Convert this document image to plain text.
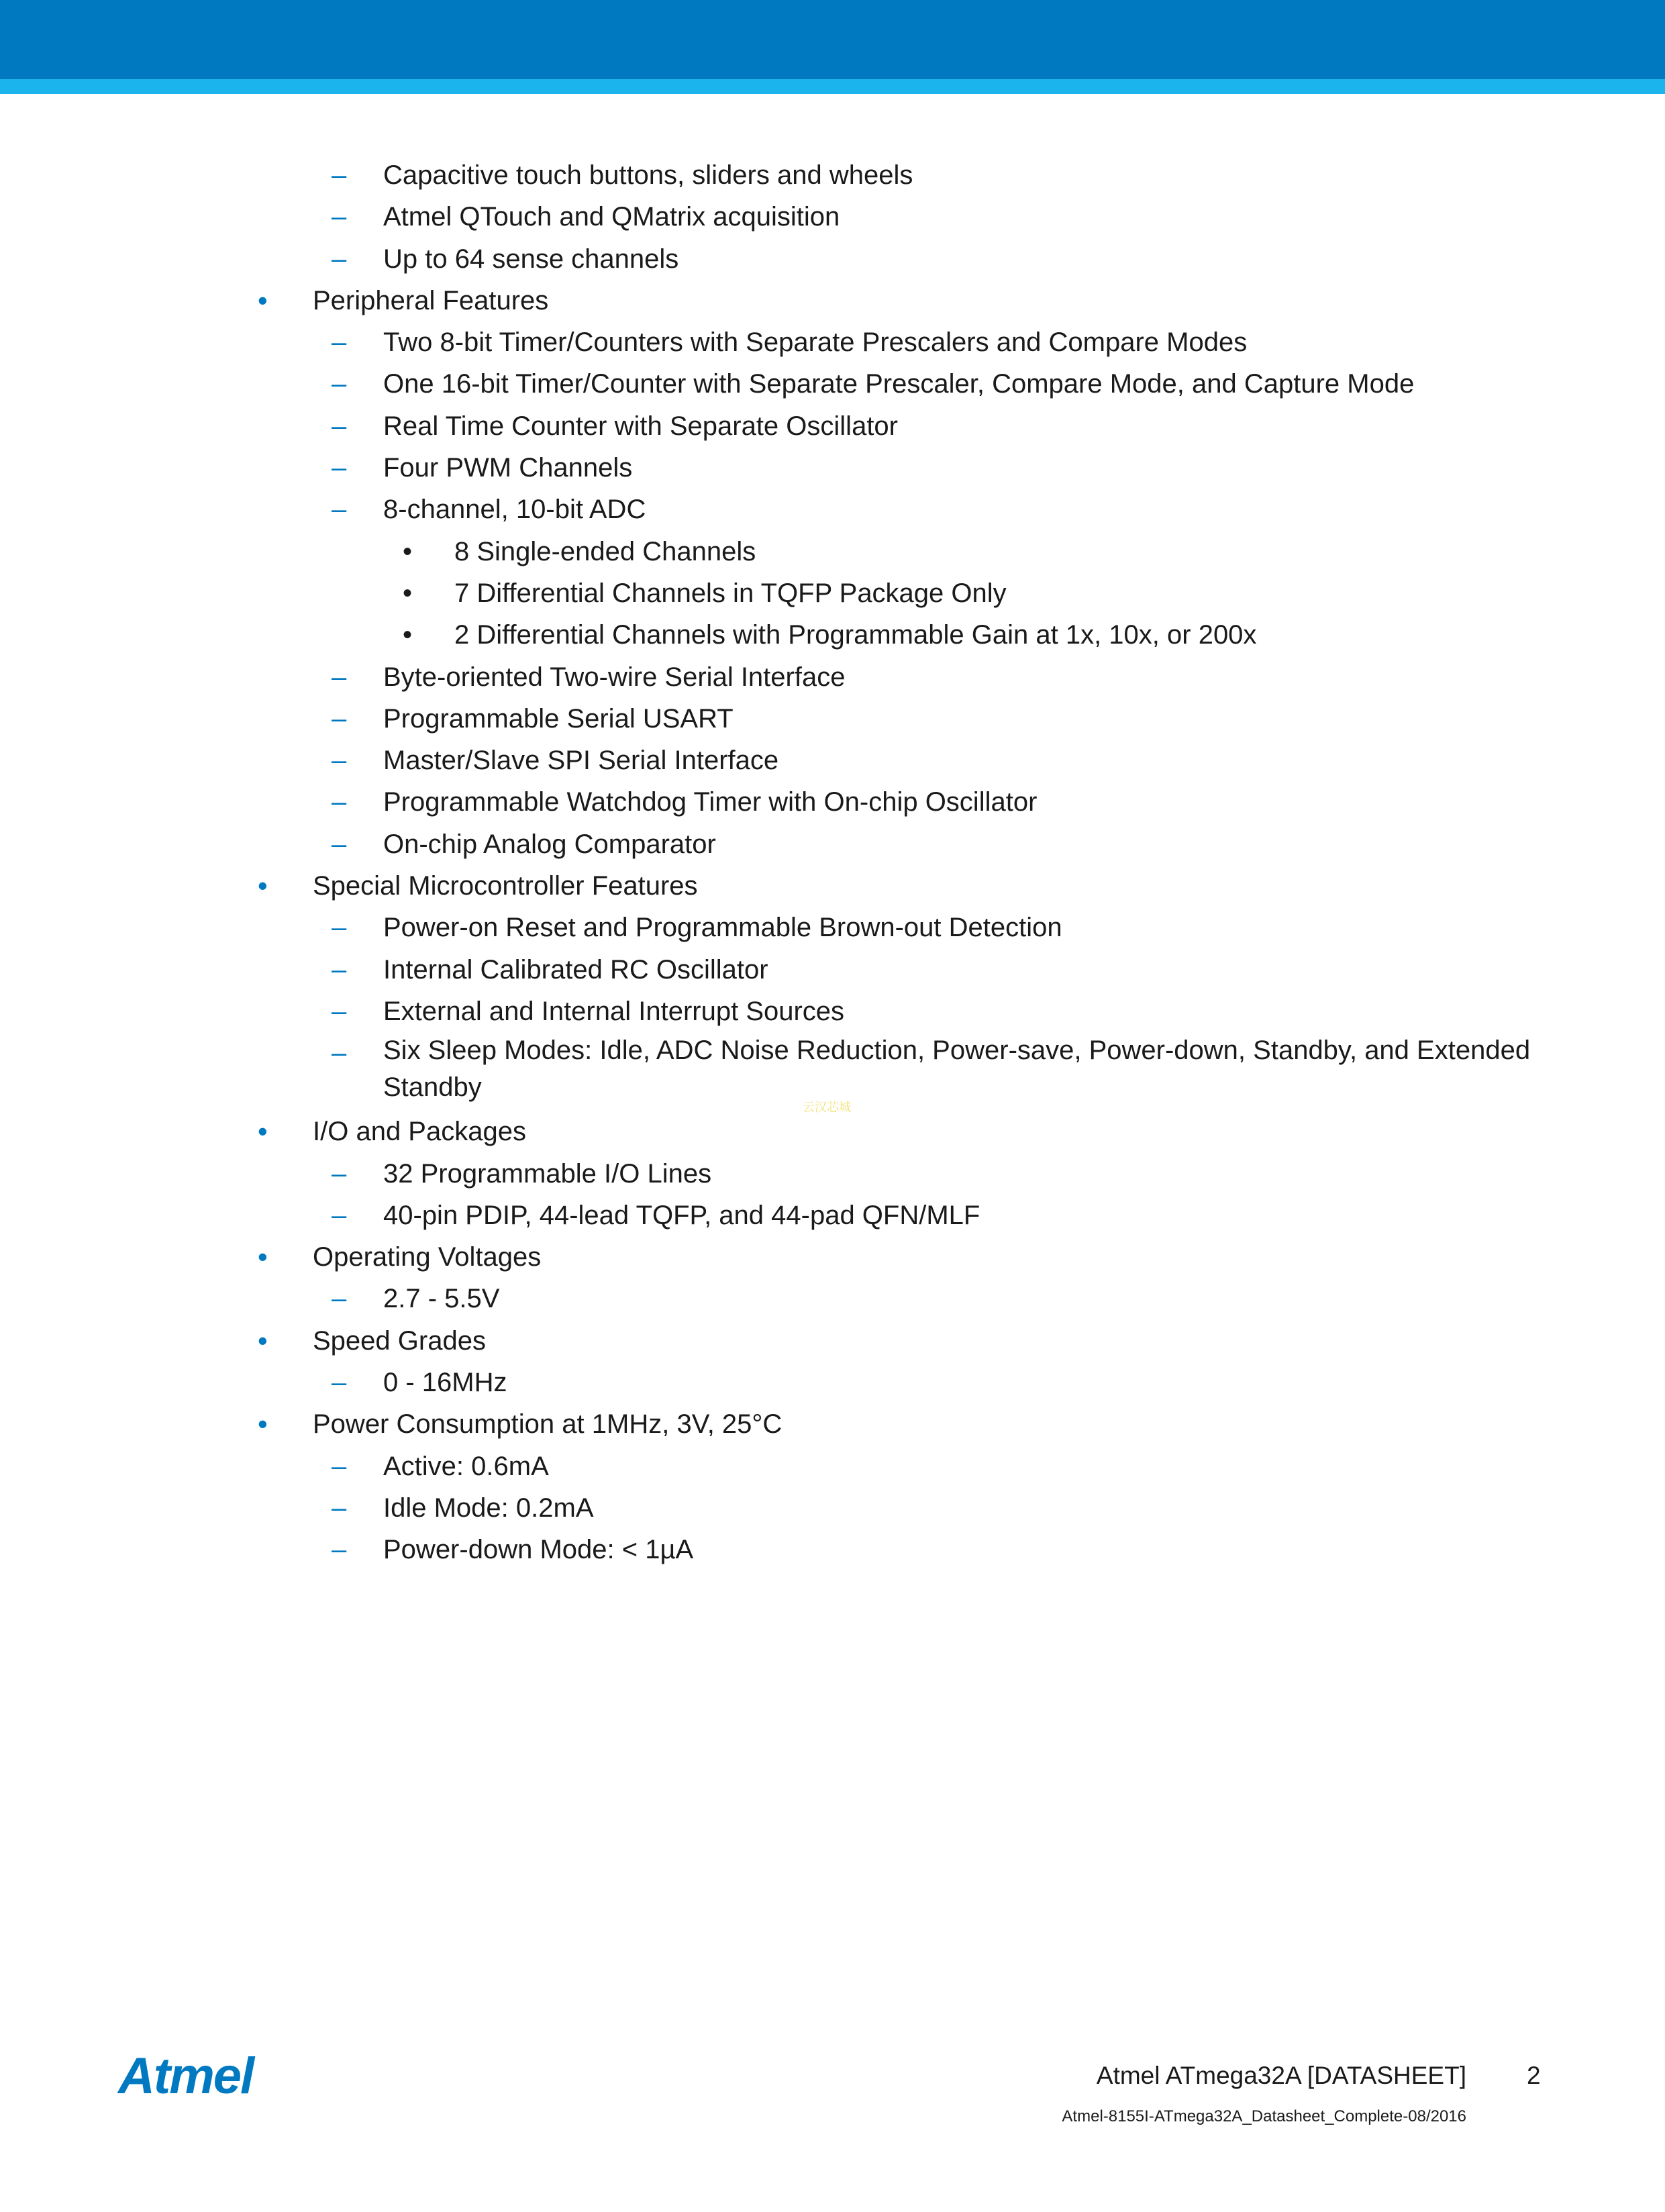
– Capacitive touch buttons, sliders and wheels
– Atmel QTouch and QMatrix acquisition
– Up to 64 sense channels
• Peripheral Features
– Two 8-bit Timer/Counters with Separate Prescalers and Compare Modes
– One 16-bit Timer/Counter with Separate Prescaler, Compare Mode, and Capture Mode
– Real Time Counter with Separate Oscillator
– Four PWM Channels
– 8-channel, 10-bit ADC
• 8 Single-ended Channels
• 7 Differential Channels in TQFP Package Only
• 2 Differential Channels with Programmable Gain at 1x, 10x, or 200x
– Byte-oriented Two-wire Serial Interface
– Programmable Serial USART
– Master/Slave SPI Serial Interface
– Programmable Watchdog Timer with On-chip Oscillator
– On-chip Analog Comparator
• Special Microcontroller Features
– Power-on Reset and Programmable Brown-out Detection
– Internal Calibrated RC Oscillator
– External and Internal Interrupt Sources
– Six Sleep Modes: Idle, ADC Noise Reduction, Power-save, Power-down, Standby, and Extended Standby
• I/O and Packages
– 32 Programmable I/O Lines
– 40-pin PDIP, 44-lead TQFP, and 44-pad QFN/MLF
• Operating Voltages
– 2.7 - 5.5V
• Speed Grades
– 0 - 16MHz
• Power Consumption at 1MHz, 3V, 25°C
– Active: 0.6mA
– Idle Mode: 0.2mA
– Power-down Mode: < 1µA
云汉芯城
Atmel	Atmel ATmega32A [DATASHEET] 2
Atmel-8155I-ATmega32A_Datasheet_Complete-08/2016
